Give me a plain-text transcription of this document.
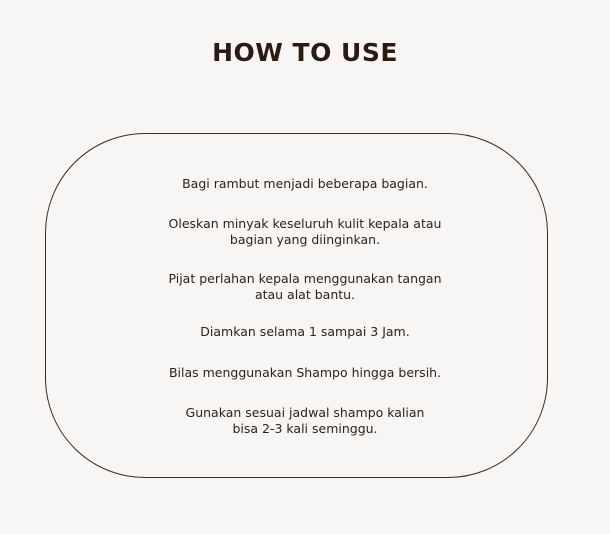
HOW TO USE

Bagi rambut menjadi beberapa bagian.

Oleskan minyak keseluruh kulit kepala atau
bagian yang diinginkan.

Pijat perlahan kepala menggunakan tangan
atau alat bantu.

Diamkan selama 1 sampai 3 Jam.

Bilas menggunakan Shampo hingga bersih.

Gunakan sesuai jadwal shampo kalian
bisa 2-3 kali seminggu.
